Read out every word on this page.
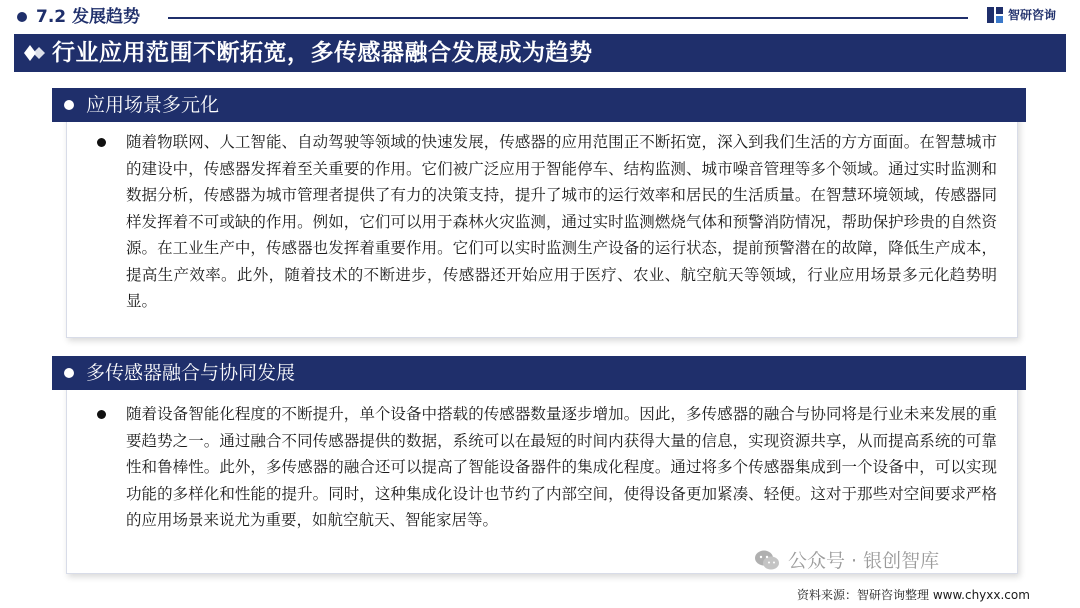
7.2 发展趋势	智研咨询
行业应用范围不断拓宽，多传感器融合发展成为趋势
随着物联网、人工智能、自动驾驶等领域的快速发展，传感器的应用范围正不断拓宽，深入到我们生活的方方面面。在智慧城市的建设中，传感器发挥着至关重要的作用。它们被广泛应用于智能停车、结构监测、城市噪音管理等多个领域。通过实时监测和数据分析，传感器为城市管理者提供了有力的决策支持，提升了城市的运行效率和居民的生活质量。在智慧环境领域，传感器同样发挥着不可或缺的作用。例如，它们可以用于森林火灾监测，通过实时监测燃烧气体和预警消防情况，帮助保护珍贵的自然资源。在工业生产中，传感器也发挥着重要作用。它们可以实时监测生产设备的运行状态，提前预警潜在的故障，降低生产成本，提高生产效率。此外，随着技术的不断进步，传感器还开始应用于医疗、农业、航空航天等领域，行业应用场景多元化趋势明显。
应用场景多元化
随着设备智能化程度的不断提升，单个设备中搭载的传感器数量逐步增加。因此，多传感器的融合与协同将是行业未来发展的重要趋势之一。通过融合不同传感器提供的数据，系统可以在最短的时间内获得大量的信息，实现资源共享，从而提高系统的可靠性和鲁棒性。此外，多传感器的融合还可以提高了智能设备器件的集成化程度。通过将多个传感器集成到一个设备中，可以实现功能的多样化和性能的提升。同时，这种集成化设计也节约了内部空间，使得设备更加紧凑、轻便。这对于那些对空间要求严格的应用场景来说尤为重要，如航空航天、智能家居等。
多传感器融合与协同发展
公众号 · 银创智库
资料来源：智研咨询整理 www.chyxx.com
